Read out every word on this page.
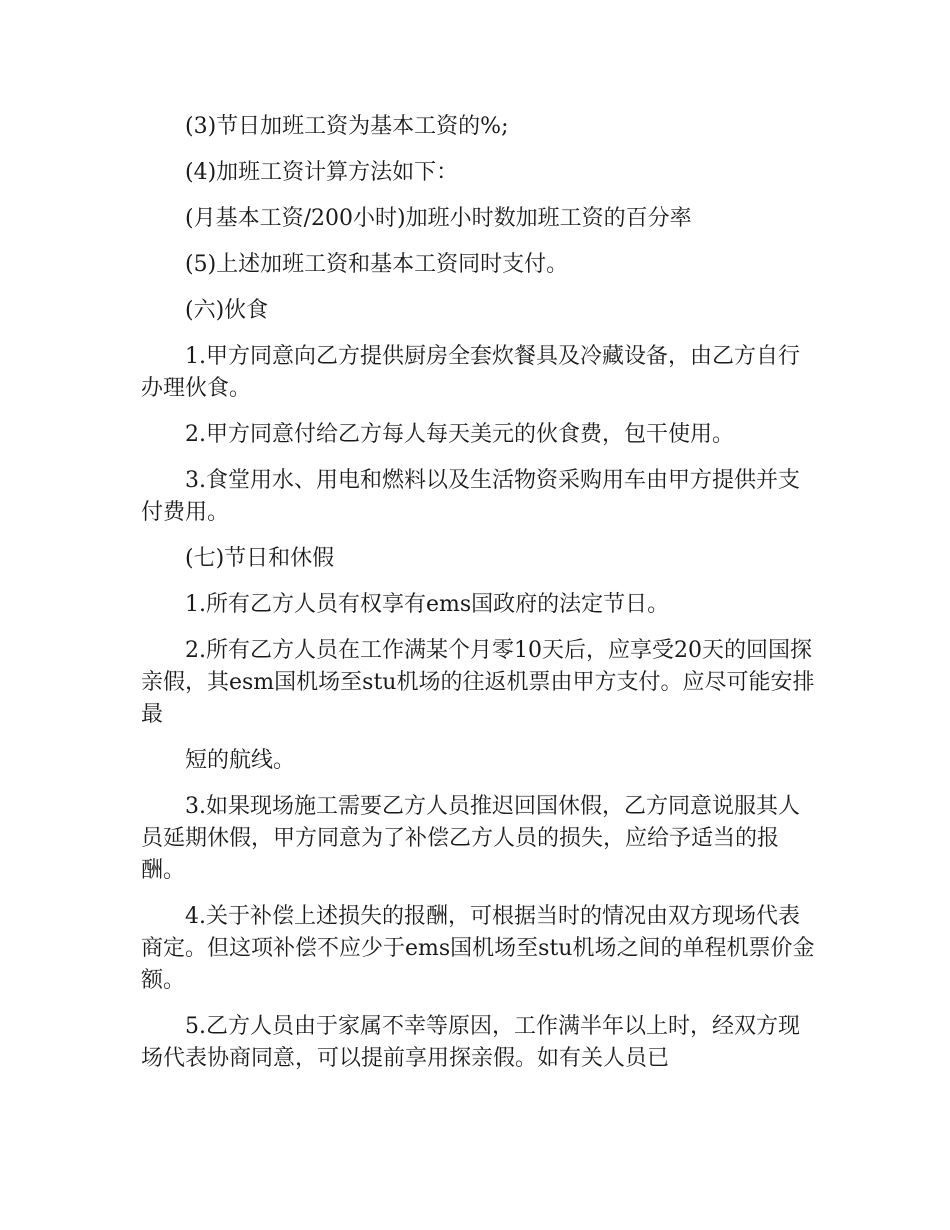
(3)节日加班工资为基本工资的%;

(4)加班工资计算方法如下：

(月基本工资/200小时)加班小时数加班工资的百分率

(5)上述加班工资和基本工资同时支付。

(六)伙食

1.甲方同意向乙方提供厨房全套炊餐具及冷藏设备，由乙方自行办理伙食。

2.甲方同意付给乙方每人每天美元的伙食费，包干使用。

3.食堂用水、用电和燃料以及生活物资采购用车由甲方提供并支付费用。

(七)节日和休假

1.所有乙方人员有权享有ems国政府的法定节日。

2.所有乙方人员在工作满某个月零10天后，应享受20天的回国探亲假，其esm国机场至stu机场的往返机票由甲方支付。应尽可能安排最

短的航线。

3.如果现场施工需要乙方人员推迟回国休假，乙方同意说服其人员延期休假，甲方同意为了补偿乙方人员的损失，应给予适当的报酬。

4.关于补偿上述损失的报酬，可根据当时的情况由双方现场代表商定。但这项补偿不应少于ems国机场至stu机场之间的单程机票价金额。

5.乙方人员由于家属不幸等原因，工作满半年以上时，经双方现场代表协商同意，可以提前享用探亲假。如有关人员已
